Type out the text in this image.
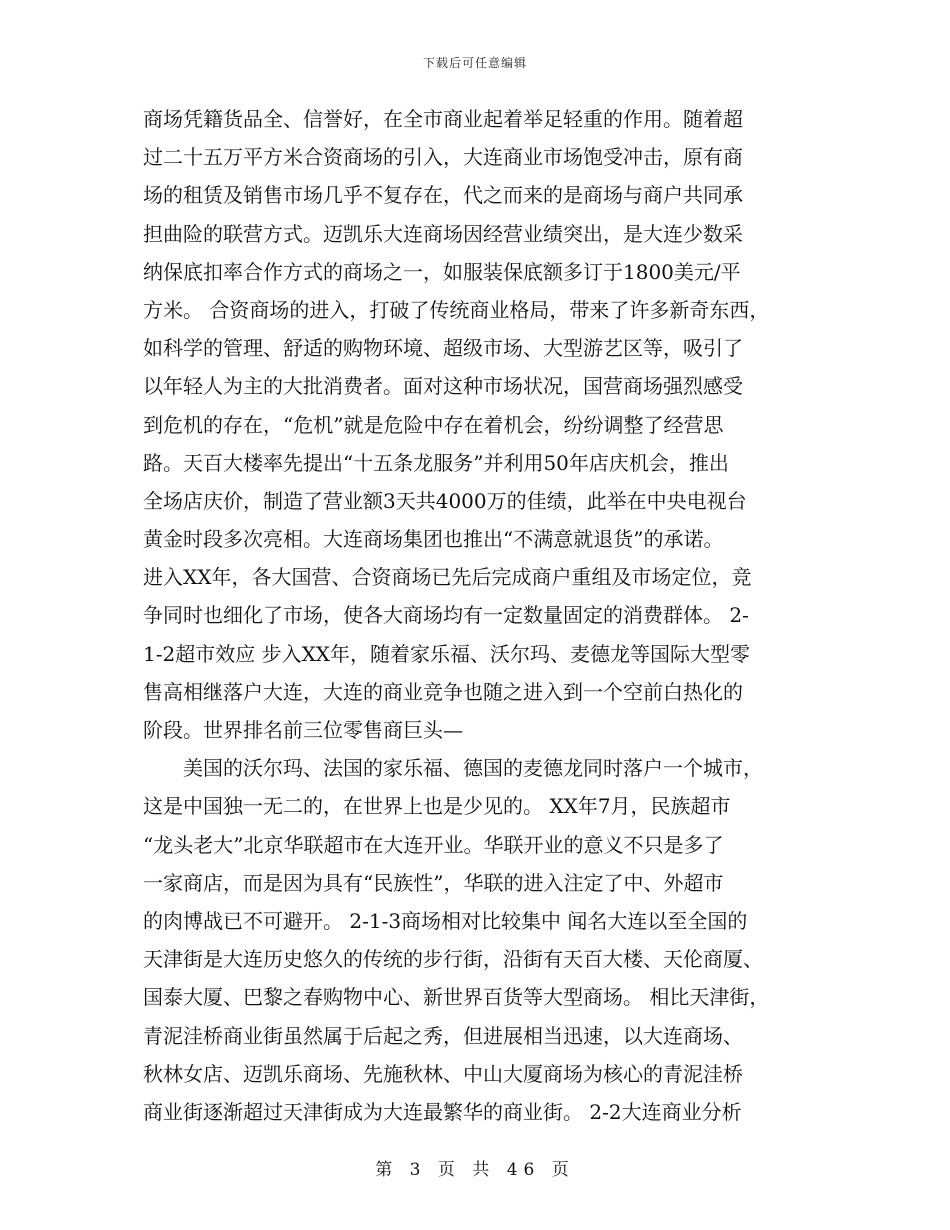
下载后可任意编辑
商场凭籍货品全、信誉好，在全市商业起着举足轻重的作用。随着超
过二十五万平方米合资商场的引入，大连商业市场饱受冲击，原有商
场的租赁及销售市场几乎不复存在，代之而来的是商场与商户共同承
担曲险的联营方式。迈凯乐大连商场因经营业绩突出，是大连少数采
纳保底扣率合作方式的商场之一，如服装保底额多订于1800美元/平
方米。 合资商场的进入，打破了传统商业格局，带来了许多新奇东西，
如科学的管理、舒适的购物环境、超级市场、大型游艺区等，吸引了
以年轻人为主的大批消费者。面对这种市场状况，国营商场强烈感受
到危机的存在，“危机”就是危险中存在着机会，纷纷调整了经营思
路。天百大楼率先提出“十五条龙服务”并利用50年店庆机会，推出
全场店庆价，制造了营业额3天共4000万的佳绩，此举在中央电视台
黄金时段多次亮相。大连商场集团也推出“不满意就退货”的承诺。
进入XX年，各大国营、合资商场已先后完成商户重组及市场定位，竞
争同时也细化了市场，使各大商场均有一定数量固定的消费群体。 2-
1-2超市效应 步入XX年，随着家乐福、沃尔玛、麦德龙等国际大型零
售高相继落户大连，大连的商业竞争也随之进入到一个空前白热化的
阶段。世界排名前三位零售商巨头—
美国的沃尔玛、法国的家乐福、德国的麦德龙同时落户一个城市，
这是中国独一无二的，在世界上也是少见的。 XX年7月，民族超市
“龙头老大”北京华联超市在大连开业。华联开业的意义不只是多了
一家商店，而是因为具有“民族性”，华联的进入注定了中、外超市
的肉博战已不可避开。 2-1-3商场相对比较集中 闻名大连以至全国的
天津街是大连历史悠久的传统的步行街，沿街有天百大楼、天伦商厦、
国泰大厦、巴黎之春购物中心、新世界百货等大型商场。 相比天津街，
青泥洼桥商业街虽然属于后起之秀，但进展相当迅速，以大连商场、
秋林女店、迈凯乐商场、先施秋林、中山大厦商场为核心的青泥洼桥
商业街逐渐超过天津街成为大连最繁华的商业街。 2-2大连商业分析
第 3 页 共 46 页
